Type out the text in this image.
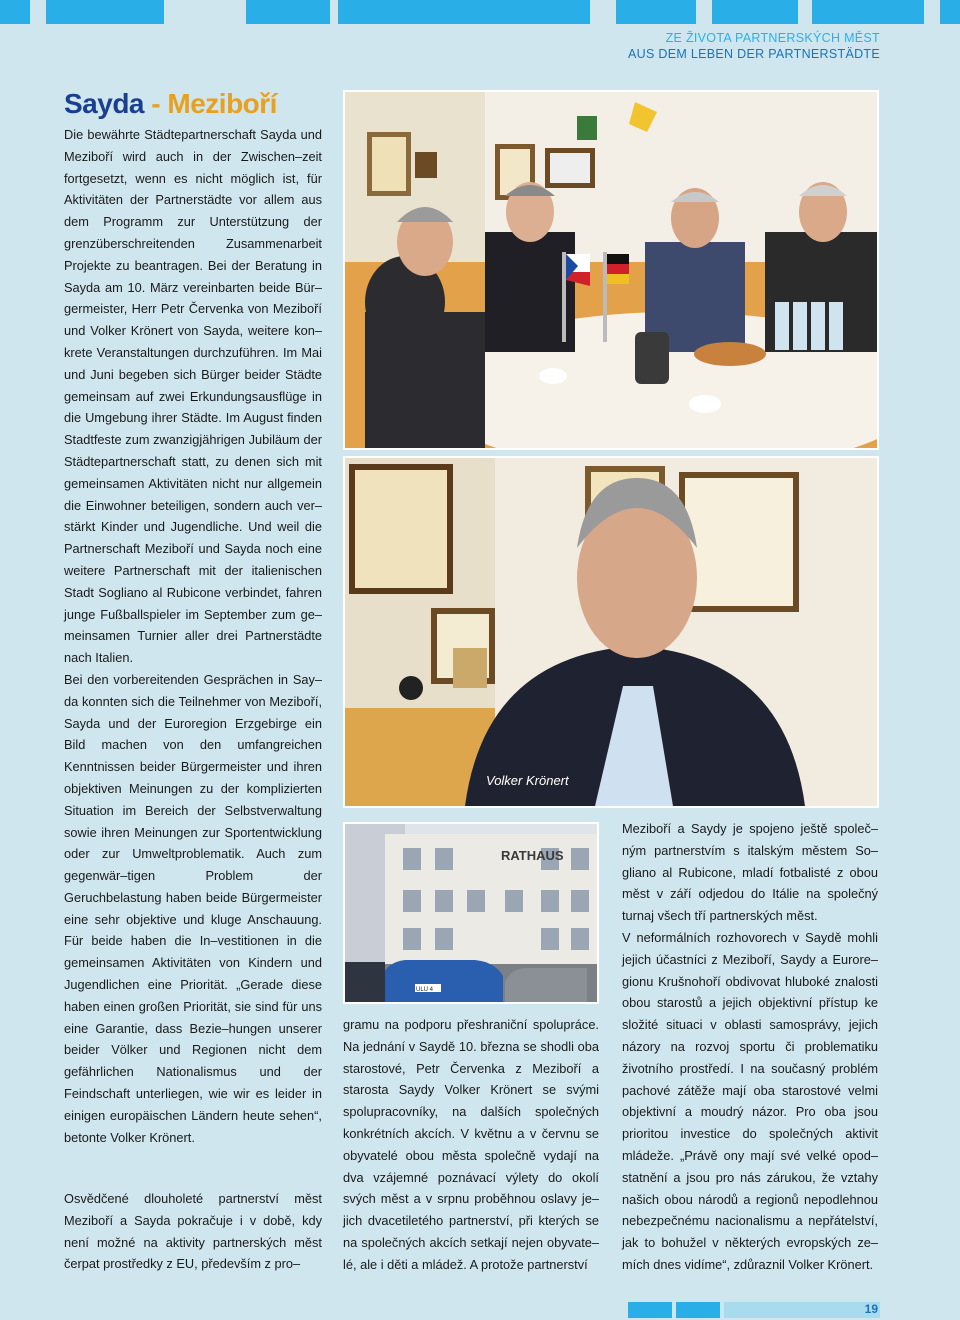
ZE ŽIVOTA PARTNERSKÝCH MĚST
AUS DEM LEBEN DER PARTNERSTÄDTE
Sayda - Meziboří

Die bewährte Städtepartnerschaft Sayda und Meziboří wird auch in der Zwischen–zeit fortgesetzt, wenn es nicht möglich ist, für Aktivitäten der Partnerstädte vor allem aus dem Programm zur Unterstützung der grenzüberschreitenden Zusammenarbeit Projekte zu beantragen. Bei der Beratung in Sayda am 10. März vereinbarten beide Bür–germeister, Herr Petr Červenka von Meziboří und Volker Krönert von Sayda, weitere kon–krete Veranstaltungen durchzuführen. Im Mai und Juni begeben sich Bürger beider Städte gemeinsam auf zwei Erkundungsausflüge in die Umgebung ihrer Städte. Im August finden Stadtfeste zum zwanzigjährigen Jubiläum der Städtepartnerschaft statt, zu denen sich mit gemeinsamen Aktivitäten nicht nur allgemein die Einwohner beteiligen, sondern auch ver–stärkt Kinder und Jugendliche. Und weil die Partnerschaft Meziboří und Sayda noch eine weitere Partnerschaft mit der italienischen Stadt Sogliano al Rubicone verbindet, fahren junge Fußballspieler im September zum ge–meinsamen Turnier aller drei Partnerstädte nach Italien.

Bei den vorbereitenden Gesprächen in Say–da konnten sich die Teilnehmer von Meziboří, Sayda und der Euroregion Erzgebirge ein Bild machen von den umfangreichen Kenntnissen beider Bürgermeister und ihren objektiven Meinungen zu der komplizierten Situation im Bereich der Selbstverwaltung sowie ihren Meinungen zur Sportentwicklung oder zur Umweltproblematik. Auch zum gegenwär–tigen Problem der Geruchbelastung haben beide Bürgermeister eine sehr objektive und kluge Anschauung. Für beide haben die In–vestitionen in die gemeinsamen Aktivitäten von Kindern und Jugendlichen eine Priorität. „Gerade diese haben einen großen Priorität, sie sind für uns eine Garantie, dass Bezie–hungen unserer beider Völker und Regionen nicht dem gefährlichen Nationalismus und der Feindschaft unterliegen, wie wir es leider in einigen europäischen Ländern heute sehen“, betonte Volker Krönert.

Osvědčené dlouholeté partnerství měst Meziboří a Sayda pokračuje i v době, kdy není možné na aktivity partnerských měst čerpat prostředky z EU, především z pro–

gramu na podporu přeshraniční spolupráce. Na jednání v Saydě 10. března se shodli oba starostové, Petr Červenka z Meziboří a starosta Saydy Volker Krönert se svými spolupracovníky, na dalších společných konkrétních akcích. V květnu a v červnu se obyvatelé obou města společně vydají na dva vzájemné poznávací výlety do okolí svých měst a v srpnu proběhnou oslavy je–jich dvacetiletého partnerství, při kterých se na společných akcích setkají nejen obyvate–lé, ale i děti a mládež. A protože partnerství

Meziboří a Saydy je spojeno ještě společ–ným partnerstvím s italským městem So–gliano al Rubicone, mladí fotbalisté z obou měst v září odjedou do Itálie na společný turnaj všech tří partnerských měst.

V neformálních rozhovorech v Saydě mohli jejich účastníci z Meziboří, Saydy a Eurore–gionu Krušnohoří obdivovat hluboké znalosti obou starostů a jejich objektivní přístup ke složité situaci v oblasti samosprávy, jejich názory na rozvoj sportu či problematiku životního prostředí. I na současný problém pachové zátěže mají oba starostové velmi objektivní a moudrý názor. Pro oba jsou prioritou investice do společných aktivit mládeže. „Právě ony mají své velké opod–statnění a jsou pro nás zárukou, že vztahy našich obou národů a regionů nepodlehnou nebezpečnému nacionalismu a nepřátelství, jak to bohužel v některých evropských ze–mích dnes vidíme“, zdůraznil Volker Krönert.

Volker Krönert
RATHAUS
ULU 4
19
